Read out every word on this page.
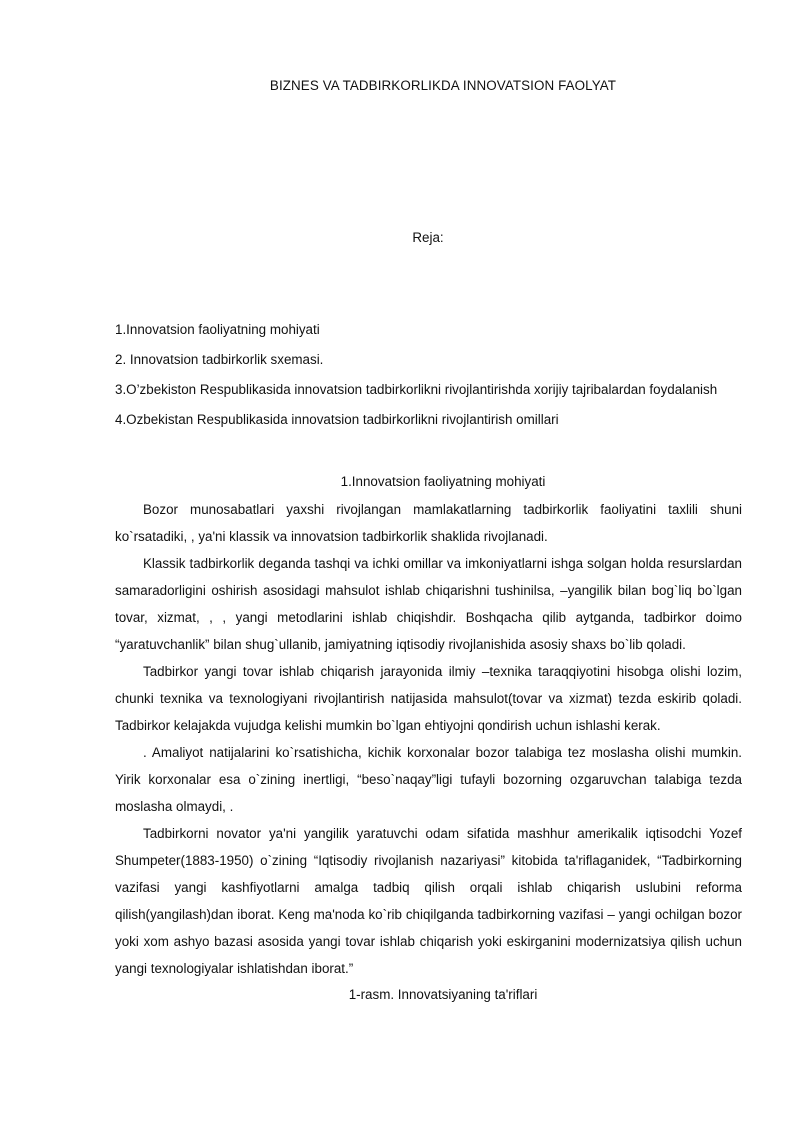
BIZNES VA TADBIRKORLIKDA INNOVATSION FAOLYAT
Reja:
1.Innovatsion faoliyatning mohiyati
2. Innovatsion tadbirkorlik sxemasi.
3.O’zbekiston Respublikasida innovatsion tadbirkorlikni rivojlantirishda xorijiy tajribalardan foydalanish
4.Ozbekistan Respublikasida innovatsion tadbirkorlikni rivojlantirish omillari
1.Innovatsion faoliyatning mohiyati

Bozor munosabatlari yaxshi rivojlangan mamlakatlarning tadbirkorlik faoliyatini taxlili shuni ko`rsatadiki, , ya'ni klassik va innovatsion tadbirkorlik shaklida rivojlanadi.

Klassik tadbirkorlik deganda tashqi va ichki omillar va imkoniyatlarni ishga solgan holda resurslardan samaradorligini oshirish asosidagi mahsulot ishlab chiqarishni tushinilsa, –yangilik bilan bog`liq bo`lgan tovar, xizmat, , , yangi metodlarini ishlab chiqishdir. Boshqacha qilib aytganda, tadbirkor doimo “yaratuvchanlik” bilan shug`ullanib, jamiyatning iqtisodiy rivojlanishida asosiy shaxs bo`lib qoladi.

Tadbirkor yangi tovar ishlab chiqarish jarayonida ilmiy –texnika taraqqiyotini hisobga olishi lozim, chunki texnika va texnologiyani rivojlantirish natijasida mahsulot(tovar va xizmat) tezda eskirib qoladi. Tadbirkor kelajakda vujudga kelishi mumkin bo`lgan ehtiyojni qondirish uchun ishlashi kerak.

. Amaliyot natijalarini ko`rsatishicha, kichik korxonalar bozor talabiga tez moslasha olishi mumkin. Yirik korxonalar esa o`zining inertligi, “beso`naqay”ligi tufayli bozorning ozgaruvchan talabiga tezda moslasha olmaydi, .

Tadbirkorni novator ya'ni yangilik yaratuvchi odam sifatida mashhur amerikalik iqtisodchi Yozef Shumpeter(1883-1950) o`zining “Iqtisodiy rivojlanish nazariyasi” kitobida ta'riflaganidek, “Tadbirkorning vazifasi yangi kashfiyotlarni amalga tadbiq qilish orqali ishlab chiqarish uslubini reforma qilish(yangilash)dan iborat. Keng ma'noda ko`rib chiqilganda tadbirkorning vazifasi – yangi ochilgan bozor yoki xom ashyo bazasi asosida yangi tovar ishlab chiqarish yoki eskirganini modernizatsiya qilish uchun yangi texnologiyalar ishlatishdan iborat.”

1-rasm. Innovatsiyaning ta'riflari
